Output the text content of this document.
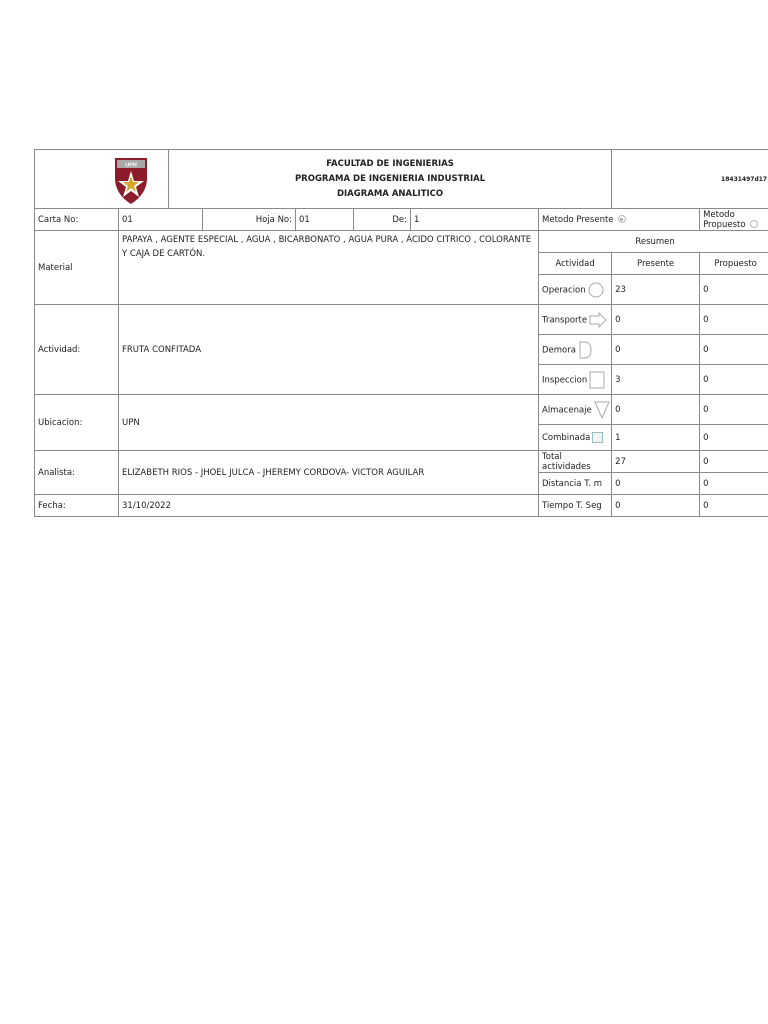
UPN		FACULTAD DE INGENIERIAS
PROGRAMA DE INGENIERIA INDUSTRIAL
DIAGRAMA ANALITICO						18431497d17		
Carta No:	01		Hoja No:	01	De:	1	Metodo Presente		Metodo Propuesto	
Material	PAPAYA , AGENTE ESPECIAL , AGUA , BICARBONATO , AGUA PURA , ÁCIDO CITRICO , COLORANTE Y CAJA DE CARTÓN.						Resumen			
							Actividad	Presente	Propuesto	
							Operacion	23	0	
Actividad:	FRUTA CONFITADA						Transporte	0	0	
							Demora	0	0	
							Inspeccion	3	0	
Ubicacion:	UPN						Almacenaje	0	0	
							Combinada	1	0	
Analista:	ELIZABETH RIOS - JHOEL JULCA - JHEREMY CORDOVA- VICTOR AGUILAR						Total actividades	27	0	
							Distancia T. m	0	0	
Fecha:	31/10/2022						Tiempo T. Seg	0	0	
